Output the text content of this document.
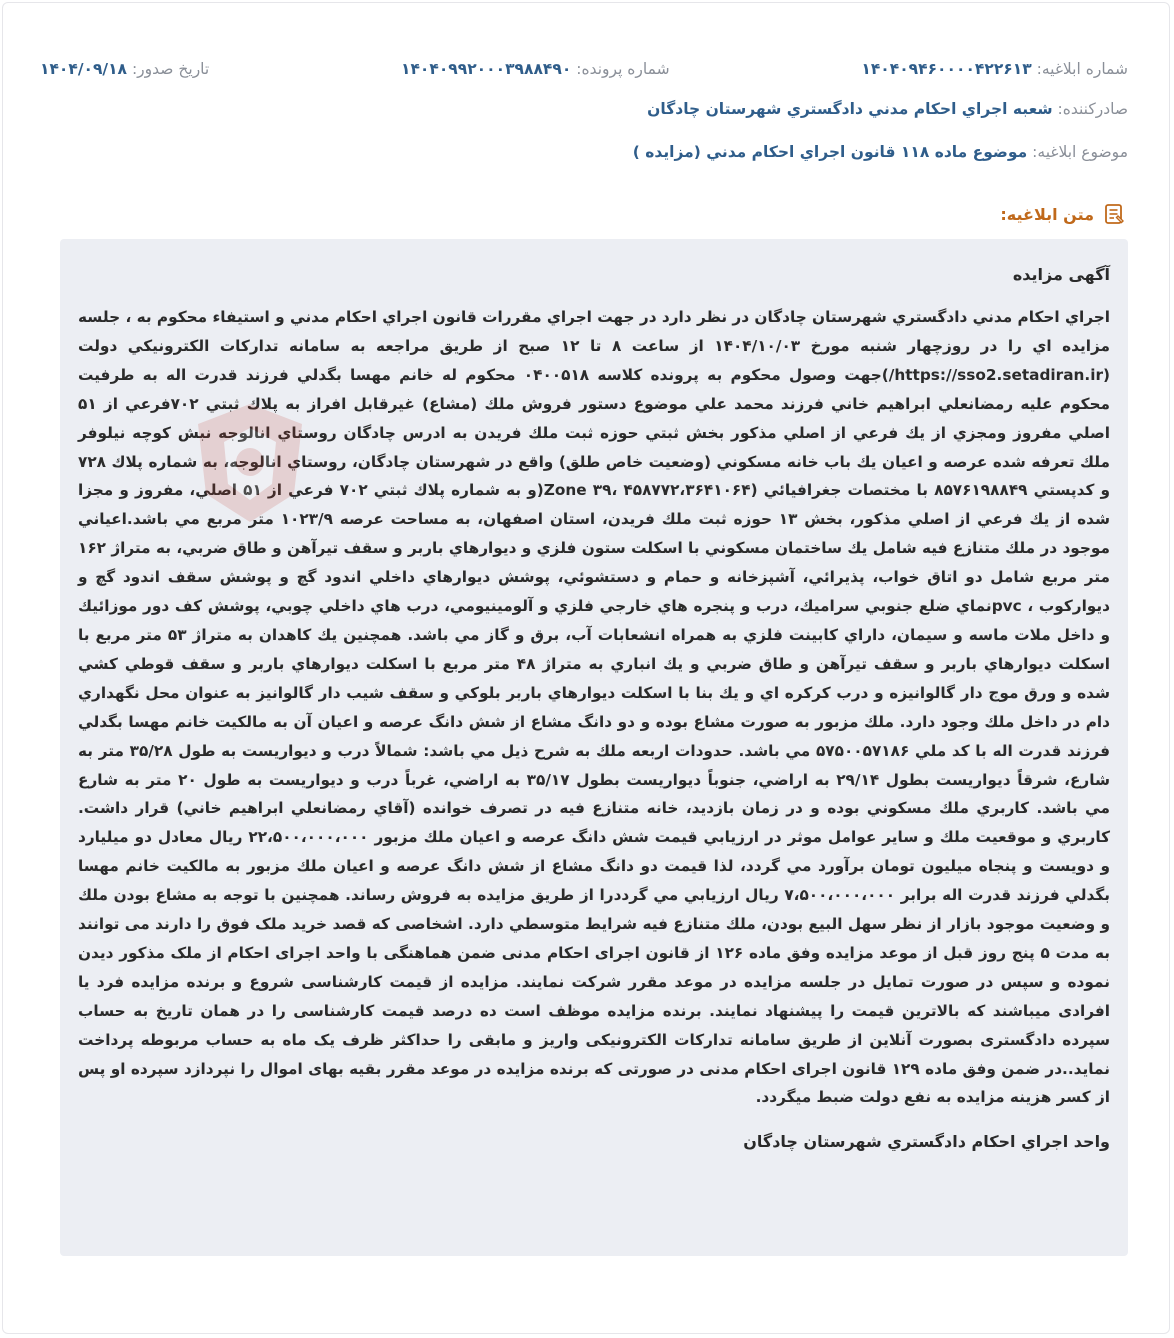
شماره ابلاغیه: ۱۴۰۴۰۹۴۶۰۰۰۰۴۲۲۶۱۳
شماره پرونده: ۱۴۰۴۰۹۹۲۰۰۰۳۹۸۸۴۹۰
تاریخ صدور: ۱۴۰۴/۰۹/۱۸
صادرکننده: شعبه اجراي احكام مدني دادگستري شهرستان چادگان
موضوع ابلاغیه: موضوع ماده ۱۱۸ قانون اجراي احكام مدني (مزايده )
متن ابلاغیه:
آگهی مزایده

اجراي احكام مدني دادگستري شهرستان چادگان در نظر دارد در جهت اجراي مقررات قانون اجراي احكام مدني و استيفاء محكوم به ، جلسه مزايده اي را در روزچهار شنبه مورخ ۱۴۰۴/۱۰/۰۳ از ساعت ۸ تا ۱۲ صبح از طريق مراجعه به سامانه تداركات الكترونيكي دولت (https://sso2.setadiran.ir/)جهت وصول محكوم به پرونده كلاسه ۰۴۰۰۵۱۸ محكوم له خانم مهسا بگدلي فرزند قدرت اله به طرفيت محكوم عليه رمضانعلي ابراهيم خاني فرزند محمد علي موضوع دستور فروش ملك (مشاع) غيرقابل افراز به پلاك ثبتي ۷۰۲فرعي از ۵۱ اصلي مفروز ومجزي از يك فرعي از اصلي مذكور بخش ثبتي حوزه ثبت ملك فريدن به ادرس چادگان روستاي انالوجه نبش كوچه نيلوفر ملك تعرفه شده عرصه و اعيان يك باب خانه مسكوني (وضعيت خاص طلق) واقع در شهرستان چادگان، روستاي انالوجه، به شماره پلاك ۷۲۸ و كدپستي ۸۵۷۶۱۹۸۸۴۹ با مختصات جغرافيائي (۴۵۸۷۷۲،۳۶۴۱۰۶۴ ،۳۹ Zone(و به شماره پلاك ثبتي ۷۰۲ فرعي از ۵۱ اصلي، مفروز و مجزا شده از يك فرعي از اصلي مذكور، بخش ۱۳ حوزه ثبت ملك فريدن، استان اصفهان، به مساحت عرصه ۱۰۲۳/۹ متر مربع مي باشد.اعياني موجود در ملك متنازع فيه شامل يك ساختمان مسكوني با اسكلت ستون فلزي و ديوارهاي باربر و سقف تيرآهن و طاق ضربي، به متراژ ۱۶۲ متر مربع شامل دو اتاق خواب، پذيرائي، آشپزخانه و حمام و دستشوئي، پوشش ديوارهاي داخلي اندود گچ و پوشش سقف اندود گچ و ديواركوب ، pvcنماي ضلع جنوبي سراميك، درب و پنجره هاي خارجي فلزي و آلومينيومي، درب هاي داخلي چوبي، پوشش كف دور موزائيك و داخل ملات ماسه و سيمان، داراي كابينت فلزي به همراه انشعابات آب، برق و گاز مي باشد. همچنين يك كاهدان به متراژ ۵۳ متر مربع با اسكلت ديوارهاي باربر و سقف تيرآهن و طاق ضربي و يك انباري به متراژ ۴۸ متر مربع با اسكلت ديوارهاي باربر و سقف قوطي كشي شده و ورق موج دار گالوانيزه و درب كركره اي و يك بنا با اسكلت ديوارهاي باربر بلوكي و سقف شيب دار گالوانيز به عنوان محل نگهداري دام در داخل ملك وجود دارد. ملك مزبور به صورت مشاع بوده و دو دانگ مشاع از شش دانگ عرصه و اعيان آن به مالكيت خانم مهسا بگدلي فرزند قدرت اله با كد ملي ۵۷۵۰۰۵۷۱۸۶ مي باشد. حدودات اربعه ملك به شرح ذيل مي باشد: شمالاً درب و ديواريست به طول ۳۵/۲۸ متر به شارع، شرقاً ديواريست بطول ۲۹/۱۴ به اراضي، جنوباً ديواريست بطول ۳۵/۱۷ به اراضي، غرباً درب و ديواريست به طول ۲۰ متر به شارع مي باشد. كاربري ملك مسكوني بوده و در زمان بازديد، خانه متنازع فيه در تصرف خوانده (آقاي رمضانعلي ابراهيم خاني) قرار داشت. كاربري و موقعيت ملك و ساير عوامل موثر در ارزيابي قيمت شش دانگ عرصه و اعيان ملك مزبور ۲۲،۵۰۰،۰۰۰،۰۰۰ ريال معادل دو ميليارد و دويست و پنجاه ميليون تومان برآورد مي گردد، لذا قيمت دو دانگ مشاع از شش دانگ عرصه و اعيان ملك مزبور به مالكيت خانم مهسا بگدلي فرزند قدرت اله برابر ۷،۵۰۰،۰۰۰،۰۰۰ ريال ارزيابي مي گرددرا از طريق مزايده به فروش رساند. همچنين با توجه به مشاع بودن ملك و وضعيت موجود بازار از نظر سهل البيع بودن، ملك متنازع فيه شرايط متوسطي دارد. اشخاصی که قصد خريد ملک فوق را دارند می توانند به مدت ۵ پنج روز قبل از موعد مزايده وفق ماده ۱۲۶ از قانون اجرای احکام مدنی ضمن هماهنگی با واحد اجرای احکام از ملک مذکور ديدن نموده و سپس در صورت تمايل در جلسه مزايده در موعد مقرر شرکت نمايند. مزايده از قيمت کارشناسی شروع و برنده مزايده فرد يا افرادی ميباشند که بالاترين قيمت را پيشنهاد نمايند. برنده مزايده موظف است ده درصد قيمت کارشناسی را در همان تاريخ به حساب سپرده دادگستری بصورت آنلاين از طريق سامانه تدارکات الکترونيکی واريز و مابقی را حداکثر ظرف يک ماه به حساب مربوطه پرداخت نمايد..در ضمن وفق ماده ۱۲۹ قانون اجرای احکام مدنی در صورتی که برنده مزايده در موعد مقرر بقيه بهای اموال را نپردازد سپرده او پس از کسر هزينه مزايده به نفع دولت ضبط ميگردد.

واحد اجراي احكام دادگستري شهرستان چادگان
